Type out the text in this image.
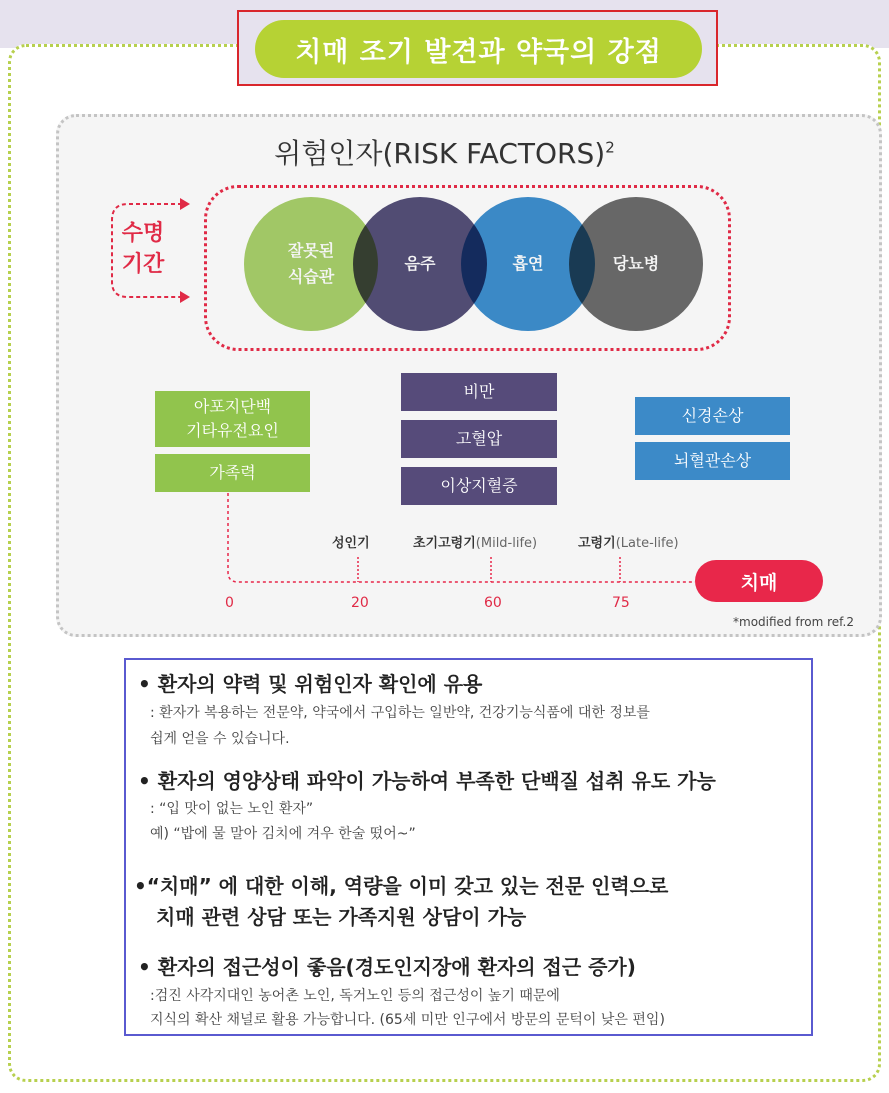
치매 조기 발견과 약국의 강점
위험인자(RISK FACTORS)$^2$
수명
기간
잘못된
식습관
음주	흡연	당뇨병
아포지단백
기타유전요인
가족력
비만
고혈압
이상지혈증
신경손상
뇌혈관손상
성인기	초기고령기(Mild-life)	고령기(Late-life)
0	20	60	75
치매
*modified from ref.2
• 환자의 약력 및 위험인자 확인에 유용
: 환자가 복용하는 전문약, 약국에서 구입하는 일반약, 건강기능식품에 대한 정보를
쉽게 얻을 수 있습니다.
• 환자의 영양상태 파악이 가능하여 부족한 단백질 섭취 유도 가능
: “입 맛이 없는 노인 환자”
예) “밥에 물 말아 김치에 겨우 한술 떴어~”
•“치매” 에 대한 이해, 역량을 이미 갖고 있는 전문 인력으로
치매 관련 상담 또는 가족지원 상담이 가능
• 환자의 접근성이 좋음(경도인지장애 환자의 접근 증가)
:검진 사각지대인 농어촌 노인, 독거노인 등의 접근성이 높기 때문에
지식의 확산 채널로 활용 가능합니다. (65세 미만 인구에서 방문의 문턱이 낮은 편임)
